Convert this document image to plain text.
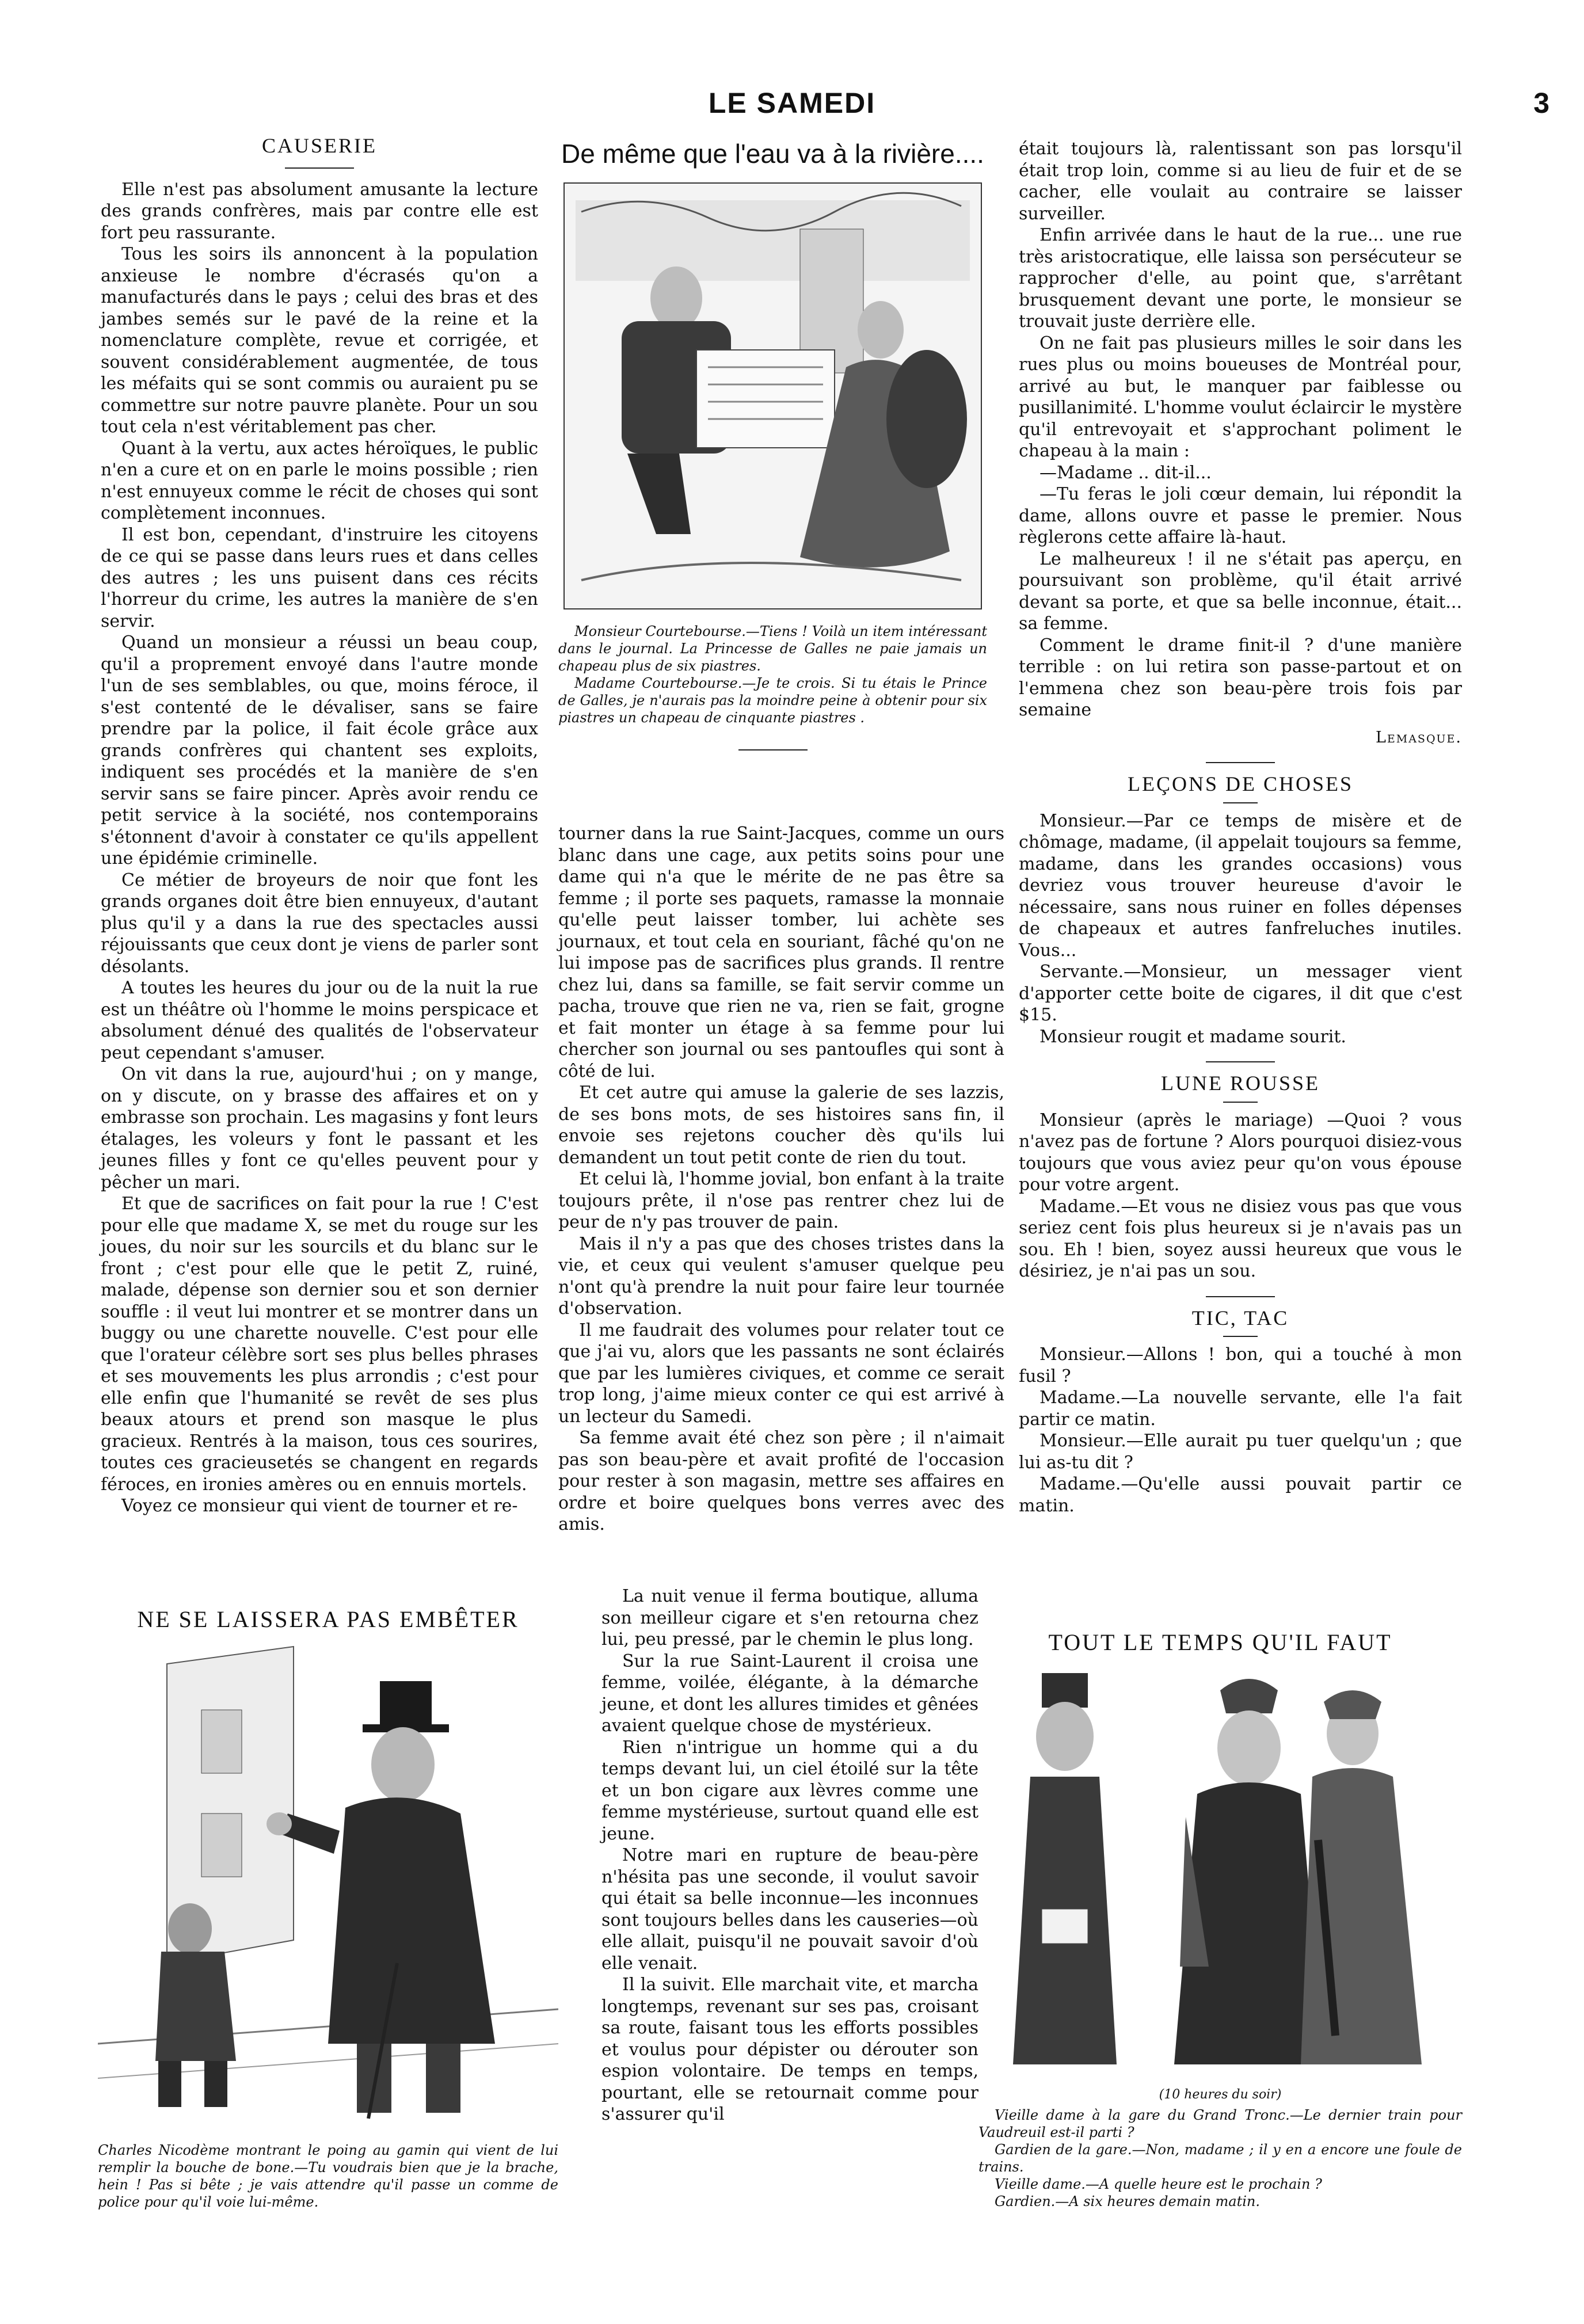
LE SAMEDI	3
CAUSERIE

Elle n'est pas absolument amusante la lecture des grands confrères, mais par contre elle est fort peu rassurante.

Tous les soirs ils annoncent à la population anxieuse le nombre d'écrasés qu'on a manufacturés dans le pays ; celui des bras et des jambes semés sur le pavé de la reine et la nomenclature complète, revue et corrigée, et souvent considérablement augmentée, de tous les méfaits qui se sont commis ou auraient pu se commettre sur notre pauvre planète. Pour un sou tout cela n'est véritablement pas cher.

Quant à la vertu, aux actes héroïques, le public n'en a cure et on en parle le moins possible ; rien n'est ennuyeux comme le récit de choses qui sont complètement inconnues.

Il est bon, cependant, d'instruire les citoyens de ce qui se passe dans leurs rues et dans celles des autres ; les uns puisent dans ces récits l'horreur du crime, les autres la manière de s'en servir.

Quand un monsieur a réussi un beau coup, qu'il a proprement envoyé dans l'autre monde l'un de ses semblables, ou que, moins féroce, il s'est contenté de le dévaliser, sans se faire prendre par la police, il fait école grâce aux grands confrères qui chantent ses exploits, indiquent ses procédés et la manière de s'en servir sans se faire pincer. Après avoir rendu ce petit service à la société, nos contemporains s'étonnent d'avoir à constater ce qu'ils appellent une épidémie criminelle.

Ce métier de broyeurs de noir que font les grands organes doit être bien ennuyeux, d'autant plus qu'il y a dans la rue des spectacles aussi réjouissants que ceux dont je viens de parler sont désolants.

A toutes les heures du jour ou de la nuit la rue est un théâtre où l'homme le moins perspicace et absolument dénué des qualités de l'observateur peut cependant s'amuser.

On vit dans la rue, aujourd'hui ; on y mange, on y discute, on y brasse des affaires et on y embrasse son prochain. Les magasins y font leurs étalages, les voleurs y font le passant et les jeunes filles y font ce qu'elles peuvent pour y pêcher un mari.

Et que de sacrifices on fait pour la rue ! C'est pour elle que madame X, se met du rouge sur les joues, du noir sur les sourcils et du blanc sur le front ; c'est pour elle que le petit Z, ruiné, malade, dépense son dernier sou et son dernier souffle : il veut lui montrer et se montrer dans un buggy ou une charette nouvelle. C'est pour elle que l'orateur célèbre sort ses plus belles phrases et ses mouvements les plus arrondis ; c'est pour elle enfin que l'humanité se revêt de ses plus beaux atours et prend son masque le plus gracieux. Rentrés à la maison, tous ces sourires, toutes ces gracieusetés se changent en regards féroces, en ironies amères ou en ennuis mortels.

Voyez ce monsieur qui vient de tourner et re-

De même que l'eau va à la rivière....

Monsieur Courtebourse.—Tiens ! Voilà un item intéressant dans le journal. La Princesse de Galles ne paie jamais un chapeau plus de six piastres.

Madame Courtebourse.—Je te crois. Si tu étais le Prince de Galles, je n'aurais pas la moindre peine à obtenir pour six piastres un chapeau de cinquante piastres .

tourner dans la rue Saint-Jacques, comme un ours blanc dans une cage, aux petits soins pour une dame qui n'a que le mérite de ne pas être sa femme ; il porte ses paquets, ramasse la monnaie qu'elle peut laisser tomber, lui achète ses journaux, et tout cela en souriant, fâché qu'on ne lui impose pas de sacrifices plus grands. Il rentre chez lui, dans sa famille, se fait servir comme un pacha, trouve que rien ne va, rien se fait, grogne et fait monter un étage à sa femme pour lui chercher son journal ou ses pantoufles qui sont à côté de lui.

Et cet autre qui amuse la galerie de ses lazzis, de ses bons mots, de ses histoires sans fin, il envoie ses rejetons coucher dès qu'ils lui demandent un tout petit conte de rien du tout.

Et celui là, l'homme jovial, bon enfant à la traite toujours prête, il n'ose pas rentrer chez lui de peur de n'y pas trouver de pain.

Mais il n'y a pas que des choses tristes dans la vie, et ceux qui veulent s'amuser quelque peu n'ont qu'à prendre la nuit pour faire leur tournée d'observation.

Il me faudrait des volumes pour relater tout ce que j'ai vu, alors que les passants ne sont éclairés que par les lumières civiques, et comme ce serait trop long, j'aime mieux conter ce qui est arrivé à un lecteur du Samedi.

Sa femme avait été chez son père ; il n'aimait pas son beau-père et avait profité de l'occasion pour rester à son magasin, mettre ses affaires en ordre et boire quelques bons verres avec des amis.

La nuit venue il ferma boutique, alluma son meilleur cigare et s'en retourna chez lui, peu pressé, par le chemin le plus long.

Sur la rue Saint-Laurent il croisa une femme, voilée, élégante, à la démarche jeune, et dont les allures timides et gênées avaient quelque chose de mystérieux.

Rien n'intrigue un homme qui a du temps devant lui, un ciel étoilé sur la tête et un bon cigare aux lèvres comme une femme mystérieuse, surtout quand elle est jeune.

Notre mari en rupture de beau-père n'hésita pas une seconde, il voulut savoir qui était sa belle inconnue—les inconnues sont toujours belles dans les causeries—où elle allait, puisqu'il ne pouvait savoir d'où elle venait.

Il la suivit. Elle marchait vite, et marcha longtemps, revenant sur ses pas, croisant sa route, faisant tous les efforts possibles et voulus pour dépister ou dérouter son espion volontaire. De temps en temps, pourtant, elle se retournait comme pour s'assurer qu'il

était toujours là, ralentissant son pas lorsqu'il était trop loin, comme si au lieu de fuir et de se cacher, elle voulait au contraire se laisser surveiller.

Enfin arrivée dans le haut de la rue... une rue très aristocratique, elle laissa son persécuteur se rapprocher d'elle, au point que, s'arrêtant brusquement devant une porte, le monsieur se trouvait juste derrière elle.

On ne fait pas plusieurs milles le soir dans les rues plus ou moins boueuses de Montréal pour, arrivé au but, le manquer par faiblesse ou pusillanimité. L'homme voulut éclaircir le mystère qu'il entrevoyait et s'approchant poliment le chapeau à la main :

—Madame .. dit-il...

—Tu feras le joli cœur demain, lui répondit la dame, allons ouvre et passe le premier. Nous règlerons cette affaire là-haut.

Le malheureux ! il ne s'était pas aperçu, en poursuivant son problème, qu'il était arrivé devant sa porte, et que sa belle inconnue, était... sa femme.

Comment le drame finit-il ? d'une manière terrible : on lui retira son passe-partout et on l'emmena chez son beau-père trois fois par semaine

Lemasque.
LEÇONS DE CHOSES

Monsieur.—Par ce temps de misère et de chômage, madame, (il appelait toujours sa femme, madame, dans les grandes occasions) vous devriez vous trouver heureuse d'avoir le nécessaire, sans nous ruiner en folles dépenses de chapeaux et autres fanfreluches inutiles. Vous...

Servante.—Monsieur, un messager vient d'apporter cette boite de cigares, il dit que c'est $15.

Monsieur rougit et madame sourit.

LUNE ROUSSE

Monsieur (après le mariage) —Quoi ? vous n'avez pas de fortune ? Alors pourquoi disiez-vous toujours que vous aviez peur qu'on vous épouse pour votre argent.

Madame.—Et vous ne disiez vous pas que vous seriez cent fois plus heureux si je n'avais pas un sou. Eh ! bien, soyez aussi heureux que vous le désiriez, je n'ai pas un sou.

TIC, TAC

Monsieur.—Allons ! bon, qui a touché à mon fusil ?

Madame.—La nouvelle servante, elle l'a fait partir ce matin.

Monsieur.—Elle aurait pu tuer quelqu'un ; que lui as-tu dit ?

Madame.—Qu'elle aussi pouvait partir ce matin.

NE SE LAISSERA PAS EMBÊTER
Charles Nicodème montrant le poing au gamin qui vient de lui remplir la bouche de bone.—Tu voudrais bien que je la brache, hein ! Pas si bête ; je vais attendre qu'il passe un comme de police pour qu'il voie lui-même.
TOUT LE TEMPS QU'IL FAUT
(10 heures du soir)

Vieille dame à la gare du Grand Tronc.—Le dernier train pour Vaudreuil est-il parti ?

Gardien de la gare.—Non, madame ; il y en a encore une foule de trains.

Vieille dame.—A quelle heure est le prochain ?

Gardien.—A six heures demain matin.
